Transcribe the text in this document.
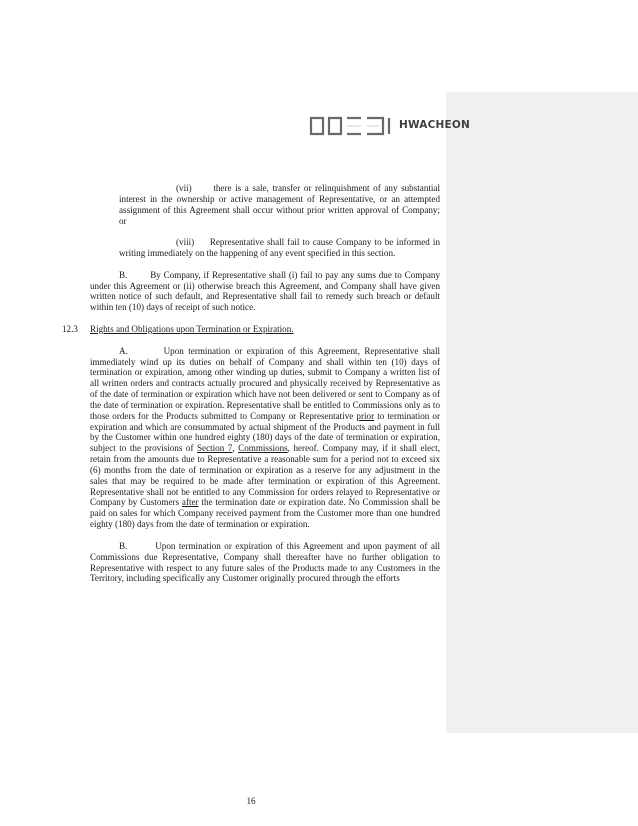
HWACHEON

(vii) there is a sale, transfer or relinquishment of any substantial interest in the ownership or active management of Representative, or an attempted assignment of this Agreement shall occur without prior written approval of Company; or

(viii) Representative shall fail to cause Company to be informed in writing immediately on the happening of any event specified in this section.

B.	By Company, if Representative shall (i) fail to pay any sums due to Company under this Agreement or (ii) otherwise breach this Agreement, and Company shall have given written notice of such default, and Representative shall fail to remedy such breach or default within ten (10) days of receipt of such notice.

12.3	Rights and Obligations upon Termination or Expiration.

A.	Upon termination or expiration of this Agreement, Representative shall immediately wind up its duties on behalf of Company and shall within ten (10) days of termination or expiration, among other winding up duties, submit to Company a written list of all written orders and contracts actually procured and physically received by Representative as of the date of termination or expiration which have not been delivered or sent to Company as of the date of termination or expiration. Representative shall be entitled to Commissions only as to those orders for the Products submitted to Company or Representative prior to termination or expiration and which are consummated by actual shipment of the Products and payment in full by the Customer within one hundred eighty (180) days of the date of termination or expiration, subject to the provisions of Section 7, Commissions, hereof. Company may, if it shall elect, retain from the amounts due to Representative a reasonable sum for a period not to exceed six (6) months from the date of termination or expiration as a reserve for any adjustment in the sales that may be required to be made after termination or expiration of this Agreement. Representative shall not be entitled to any Commission for orders relayed to Representative or Company by Customers after the termination date or expiration date. No Commission shall be paid on sales for which Company received payment from the Customer more than one hundred eighty (180) days from the date of termination or expiration.

B.	Upon termination or expiration of this Agreement and upon payment of all Commissions due Representative, Company shall thereafter have no further obligation to Representative with respect to any future sales of the Products made to any Customers in the Territory, including specifically any Customer originally procured through the efforts

16
